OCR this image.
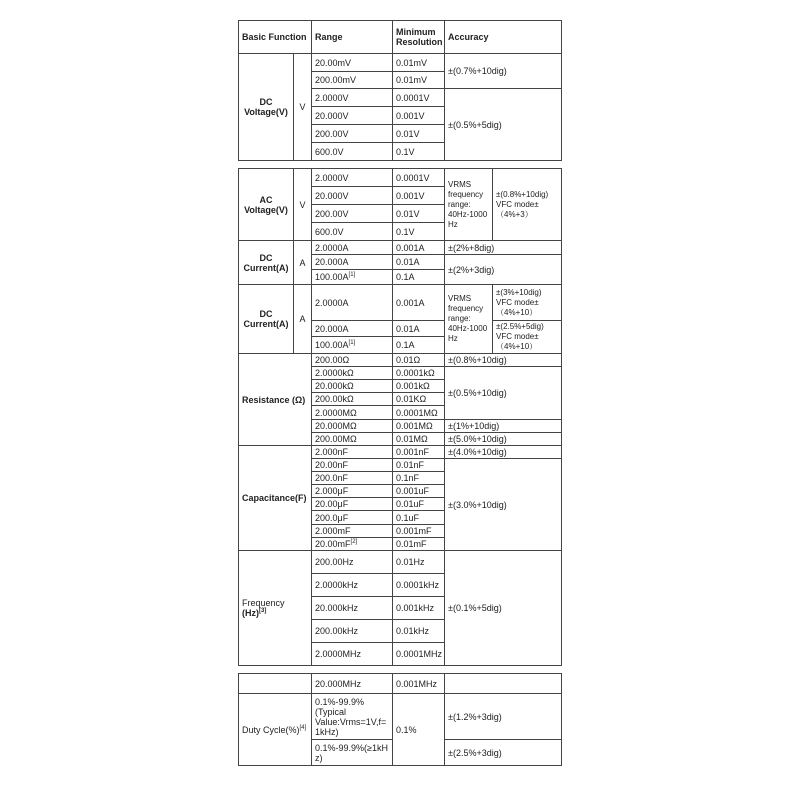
Basic Function		Range	Minimum Resolution	Accuracy	
DC Voltage(V)	V	20.00mV	0.01mV	±(0.7%+10dig)	
		200.00mV	0.01mV		
		2.0000V	0.0001V	±(0.5%+5dig)	
		20.000V	0.001V		
		200.00V	0.01V		
		600.0V	0.1V		

AC Voltage(V)	V	2.0000V	0.0001V	VRMS frequency range: 40Hz-1000 Hz	±(0.8%+10dig) VFC mode± （4%+3）
		20.000V	0.001V		
		200.00V	0.01V		
		600.0V	0.1V		
DC Current(A)	A	2.0000A	0.001A	±(2%+8dig)	
		20.000A	0.01A	±(2%+3dig)	
		100.00A[1]	0.1A		
DC Current(A)	A	2.0000A	0.001A	VRMS frequency range: 40Hz-1000 Hz	±(3%+10dig) VFC mode± （4%+10）
		20.000A	0.01A		±(2.5%+5dig) VFC mode± （4%+10）
		100.00A[1]	0.1A		
Resistance (Ω)		200.00Ω	0.01Ω	±(0.8%+10dig)	
		2.0000kΩ	0.0001kΩ	±(0.5%+10dig)	
		20.000kΩ	0.001kΩ		
		200.00kΩ	0.01KΩ		
		2.0000MΩ	0.0001MΩ		
		20.000MΩ	0.001MΩ	±(1%+10dig)	
		200.00MΩ	0.01MΩ	±(5.0%+10dig)	
Capacitance(F)		2.000nF	0.001nF	±(4.0%+10dig)	
		20.00nF	0.01nF	±(3.0%+10dig)	
		200.0nF	0.1nF		
		2.000μF	0.001uF		
		20.00μF	0.01uF		
		200.0μF	0.1uF		
		2.000mF	0.001mF		
		20.00mF[2]	0.01mF		

Frequency
(Hz)[3]		200.00Hz	0.01Hz	±(0.1%+5dig)	
		2.0000kHz	0.0001kHz		
		20.000kHz	0.001kHz		
		200.00kHz	0.01kHz		
		2.0000MHz	0.0001MHz		

		20.000MHz	0.001MHz		
Duty Cycle(%)[4]		0.1%-99.9% (Typical Value:Vrms=1V,f= 1kHz)	0.1%	±(1.2%+3dig)	
		0.1%-99.9%(≥1kH z)		±(2.5%+3dig)	
